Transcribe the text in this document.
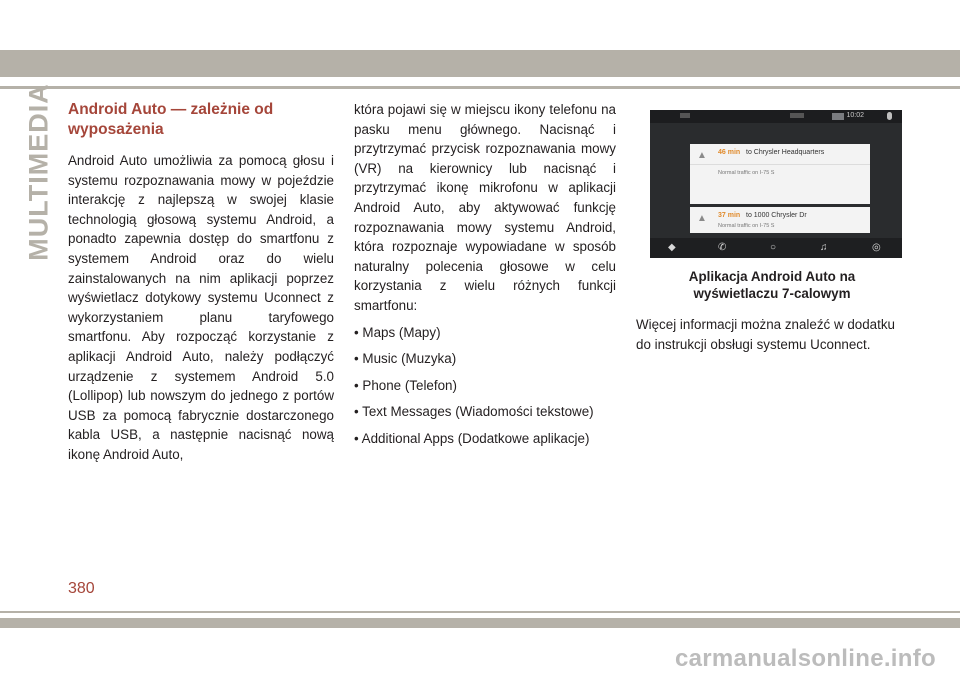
MULTIMEDIA Android Auto — zależnie od
wyposażenia

Android Auto umożliwia za pomocą głosu i systemu rozpoznawania mowy w pojeździe interakcję z najlepszą w swojej klasie technologią głosową systemu Android, a ponadto zapewnia dostęp do smartfonu z systemem Android oraz do wielu zainstalowanych na nim aplikacji poprzez wyświetlacz dotykowy systemu Uconnect z wykorzystaniem planu taryfowego smartfonu. Aby rozpocząć korzystanie z aplikacji Android Auto, należy podłączyć urządzenie z systemem Android 5.0 (Lollipop) lub nowszym do jednego z portów USB za pomocą fabrycznie dostarczonego kabla USB, a następnie nacisnąć nową ikonę Android Auto,

która pojawi się w miejscu ikony telefonu na pasku menu głównego. Nacisnąć i przytrzymać przycisk rozpoznawania mowy (VR) na kierownicy lub nacisnąć i przytrzymać ikonę mikrofonu w aplikacji Android Auto, aby aktywować funkcję rozpoznawania mowy systemu Android, która rozpoznaje wypowiadane w sposób naturalny polecenia głosowe w celu korzystania z wielu różnych funkcji smartfonu:

• Maps (Mapy)

• Music (Muzyka)

• Phone (Telefon)

• Text Messages (Wiadomości tekstowe)

• Additional Apps (Dodatkowe aplikacje)

10:02
▲ 46 min to Chrysler Headquarters
Normal traffic on I-75 S
▲ 37 min to 1000 Chrysler Dr
Normal traffic on I-75 S
◆	✆	○	♫	◎
Aplikacja Android Auto na
wyświetlaczu 7-calowym

Więcej informacji można znaleźć w dodatku do instrukcji obsługi systemu Uconnect.

380
carmanualsonline.info
